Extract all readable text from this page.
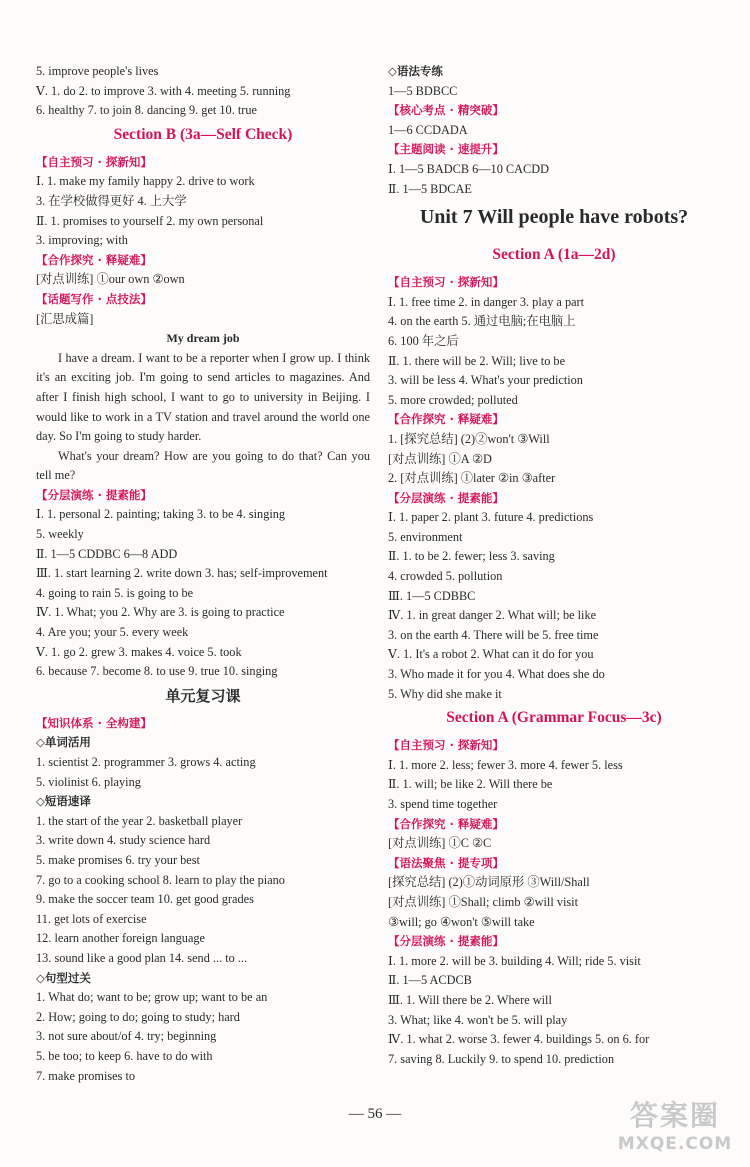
5. improve people's lives
Ⅴ. 1. do 2. to improve 3. with 4. meeting 5. running
6. healthy 7. to join 8. dancing 9. get 10. true
Section B (3a—Self Check)
【自主预习 · 探新知】
Ⅰ. 1. make my family happy 2. drive to work
3. 在学校做得更好 4. 上大学
Ⅱ. 1. promises to yourself 2. my own personal
3. improving; with
【合作探究 · 释疑难】
[对点训练] ①our own ②own
【话题写作 · 点技法】
[汇思成篇]
My dream job
I have a dream. I want to be a reporter when I grow up. I think it's an exciting job. I'm going to send articles to magazines. And after I finish high school, I want to go to university in Beijing. I would like to work in a TV station and travel around the world one day. So I'm going to study harder.
What's your dream? How are you going to do that? Can you tell me?
【分层演练 · 提素能】
Ⅰ. 1. personal 2. painting; taking 3. to be 4. singing
5. weekly
Ⅱ. 1—5 CDDBC 6—8 ADD
Ⅲ. 1. start learning 2. write down 3. has; self-improvement
4. going to rain 5. is going to be
Ⅳ. 1. What; you 2. Why are 3. is going to practice
4. Are you; your 5. every week
Ⅴ. 1. go 2. grew 3. makes 4. voice 5. took
6. because 7. become 8. to use 9. true 10. singing
单元复习课
【知识体系 · 全构建】
◇单词活用
1. scientist 2. programmer 3. grows 4. acting
5. violinist 6. playing
◇短语速译
1. the start of the year 2. basketball player
3. write down 4. study science hard
5. make promises 6. try your best
7. go to a cooking school 8. learn to play the piano
9. make the soccer team 10. get good grades
11. get lots of exercise
12. learn another foreign language
13. sound like a good plan 14. send ... to ...
◇句型过关
1. What do; want to be; grow up; want to be an
2. How; going to do; going to study; hard
3. not sure about/of 4. try; beginning
5. be too; to keep 6. have to do with
7. make promises to
◇语法专练
1—5 BDBCC
【核心考点 · 精突破】
1—6 CCDADA
【主题阅读 · 速提升】
Ⅰ. 1—5 BADCB 6—10 CACDD
Ⅱ. 1—5 BDCAE
Unit 7 Will people have robots?
Section A (1a—2d)
【自主预习 · 探新知】
Ⅰ. 1. free time 2. in danger 3. play a part
4. on the earth 5. 通过电脑;在电脑上
6. 100 年之后
Ⅱ. 1. there will be 2. Will; live to be
3. will be less 4. What's your prediction
5. more crowded; polluted
【合作探究 · 释疑难】
1. [探究总结] (2)②won't ③Will
[对点训练] ①A ②D
2. [对点训练] ①later ②in ③after
【分层演练 · 提素能】
Ⅰ. 1. paper 2. plant 3. future 4. predictions
5. environment
Ⅱ. 1. to be 2. fewer; less 3. saving
4. crowded 5. pollution
Ⅲ. 1—5 CDBBC
Ⅳ. 1. in great danger 2. What will; be like
3. on the earth 4. There will be 5. free time
Ⅴ. 1. It's a robot 2. What can it do for you
3. Who made it for you 4. What does she do
5. Why did she make it
Section A (Grammar Focus—3c)
【自主预习 · 探新知】
Ⅰ. 1. more 2. less; fewer 3. more 4. fewer 5. less
Ⅱ. 1. will; be like 2. Will there be
3. spend time together
【合作探究 · 释疑难】
[对点训练] ①C ②C
【语法聚焦 · 提专项】
[探究总结] (2)①动词原形 ③Will/Shall
[对点训练] ①Shall; climb ②will visit
③will; go ④won't ⑤will take
【分层演练 · 提素能】
Ⅰ. 1. more 2. will be 3. building 4. Will; ride 5. visit
Ⅱ. 1—5 ACDCB
Ⅲ. 1. Will there be 2. Where will
3. What; like 4. won't be 5. will play
Ⅳ. 1. what 2. worse 3. fewer 4. buildings 5. on 6. for
7. saving 8. Luckily 9. to spend 10. prediction
— 56 —	答案圈
MXQE.COM
